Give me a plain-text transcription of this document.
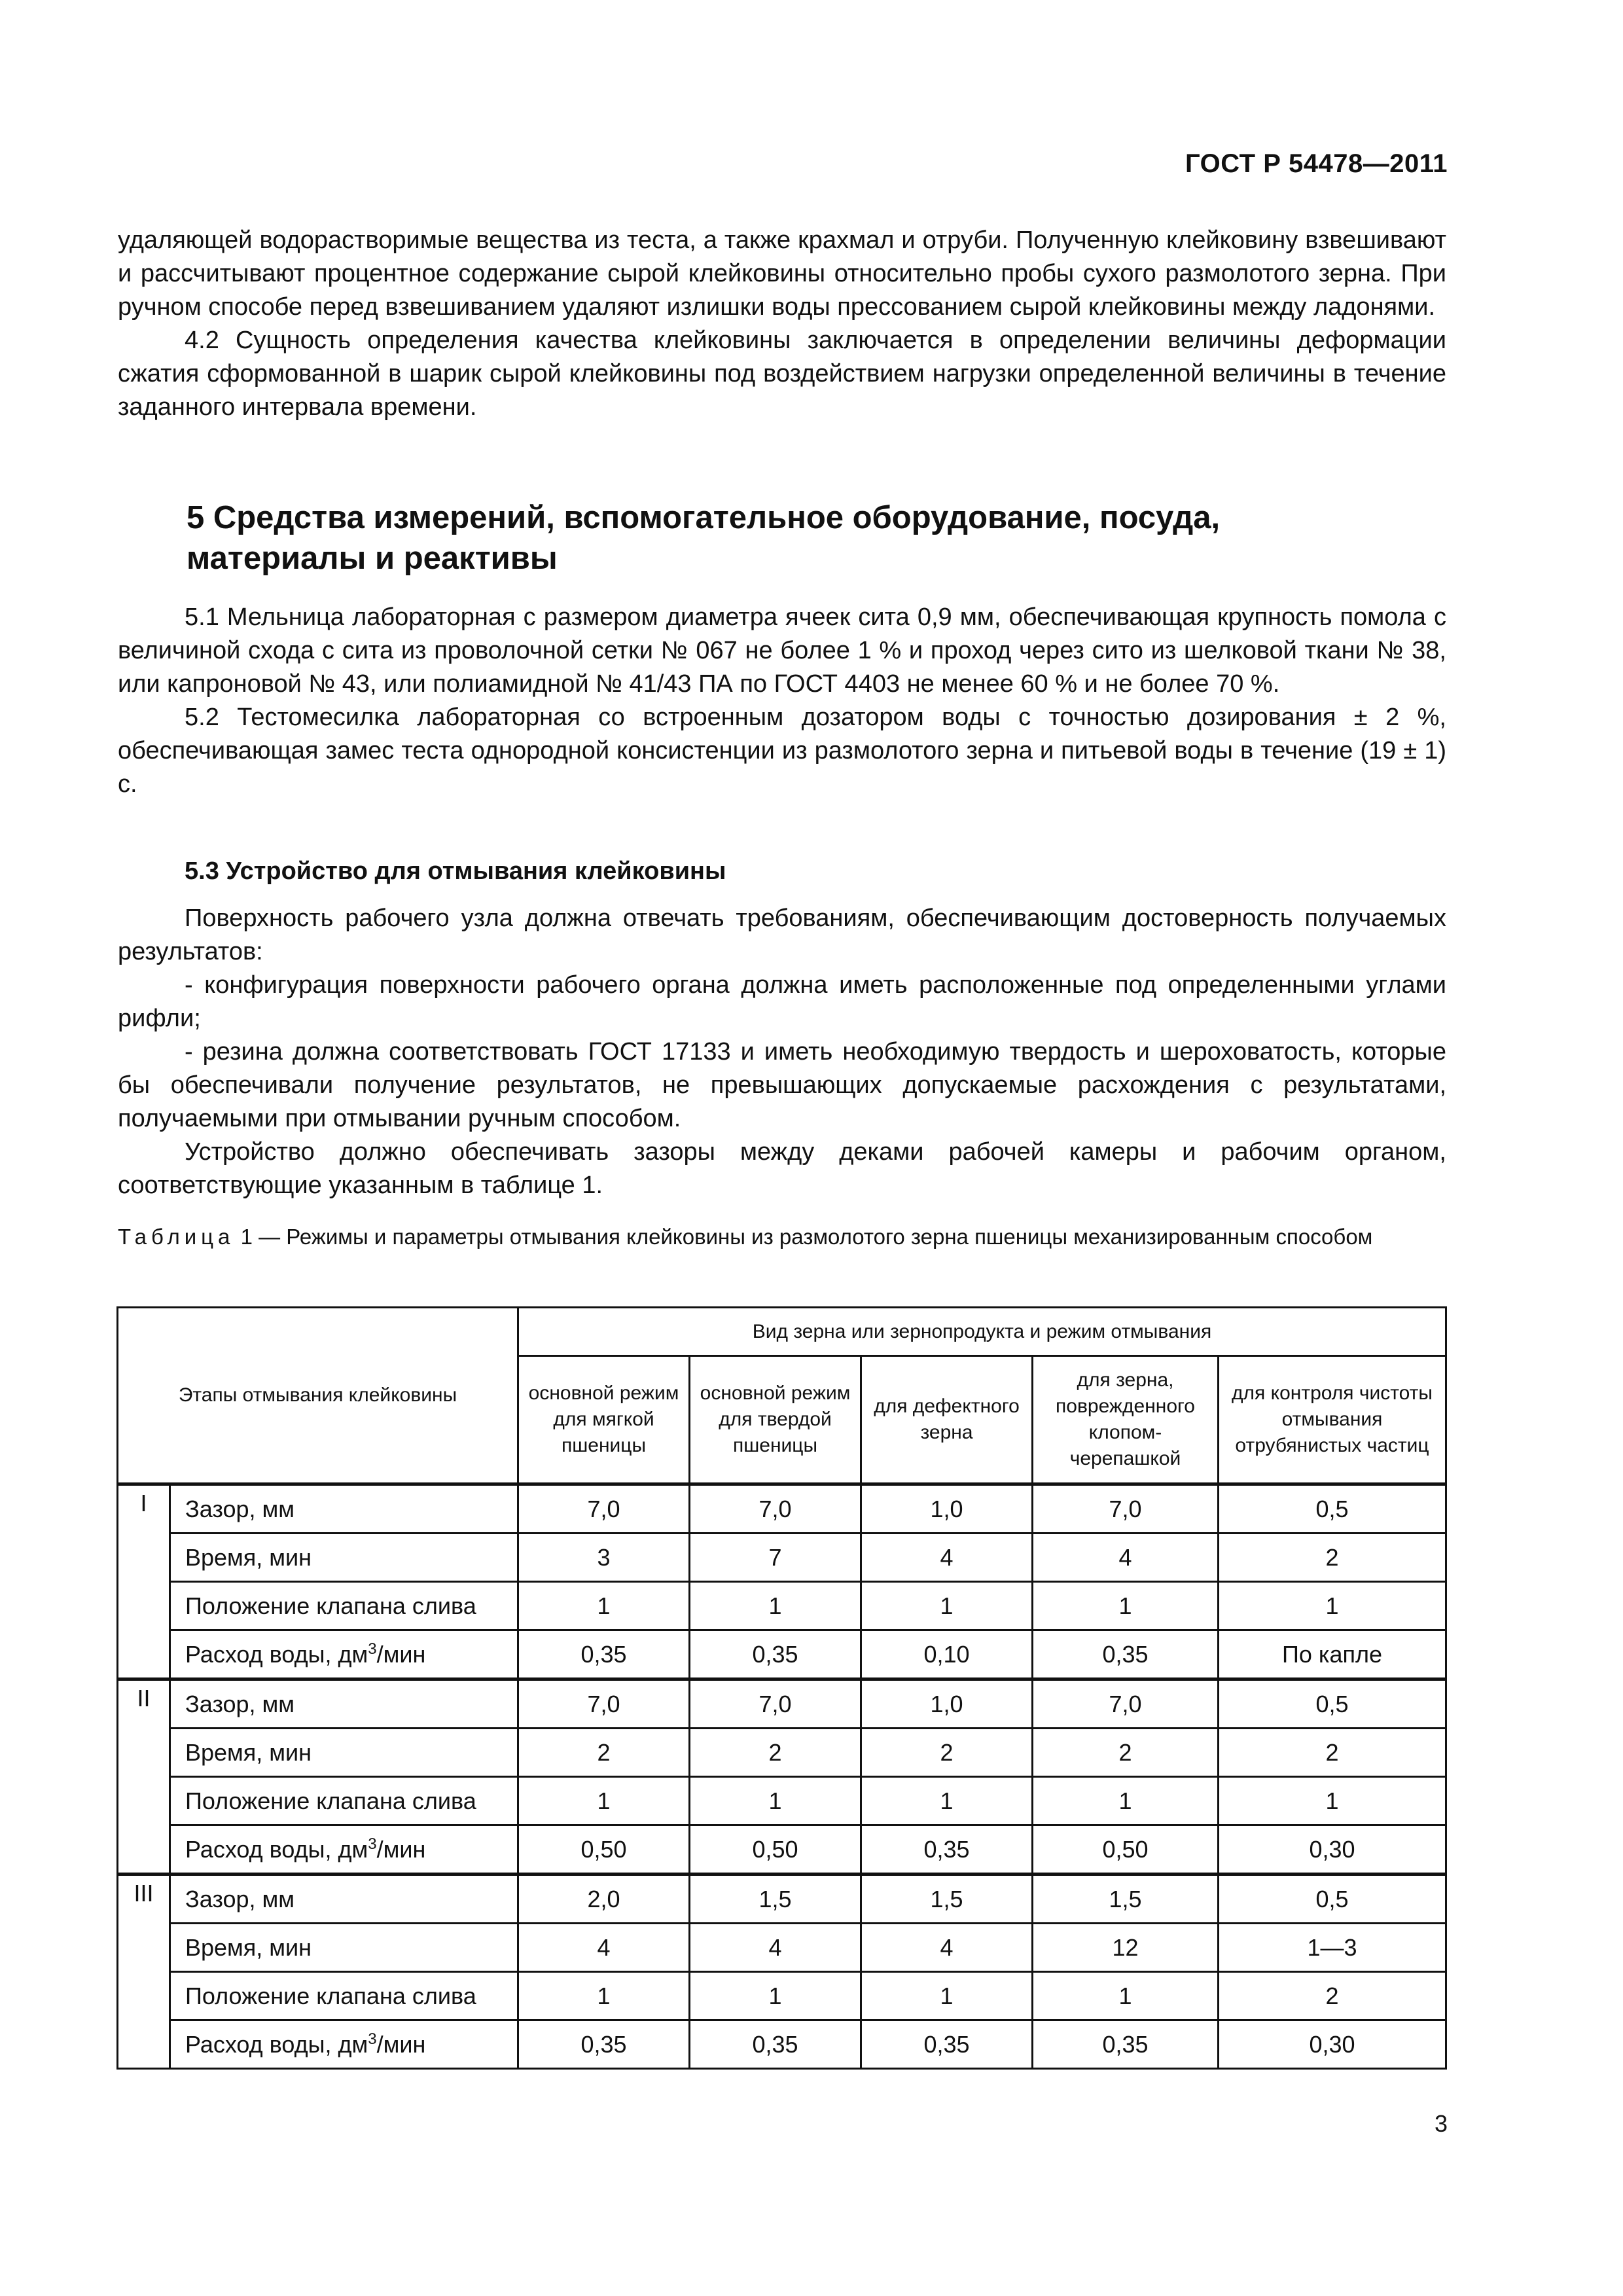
ГОСТ Р 54478—2011

удаляющей водорастворимые вещества из теста, а также крахмал и отруби. Полученную клейковину взвешивают и рассчитывают процентное содержание сырой клейковины относительно пробы сухого размолотого зерна. При ручном способе перед взвешиванием удаляют излишки воды прессованием сырой клейковины между ладонями.

4.2 Сущность определения качества клейковины заключается в определении величины деформации сжатия сформованной в шарик сырой клейковины под воздействием нагрузки определенной величины в течение заданного интервала времени.

5 Средства измерений, вспомогательное оборудование, посуда,
материалы и реактивы

5.1 Мельница лабораторная с размером диаметра ячеек сита 0,9 мм, обеспечивающая крупность помола с величиной схода с сита из проволочной сетки № 067 не более 1 % и проход через сито из шелковой ткани № 38, или капроновой № 43, или полиамидной № 41/43 ПА по ГОСТ 4403 не менее 60 % и не более 70 %.

5.2 Тестомесилка лабораторная со встроенным дозатором воды с точностью дозирования ± 2 %, обеспечивающая замес теста однородной консистенции из размолотого зерна и питьевой воды в течение (19 ± 1) с.

5.3 Устройство для отмывания клейковины

Поверхность рабочего узла должна отвечать требованиям, обеспечивающим достоверность получаемых результатов:

- конфигурация поверхности рабочего органа должна иметь расположенные под определенными углами рифли;

- резина должна соответствовать ГОСТ 17133 и иметь необходимую твердость и шероховатость, которые бы обеспечивали получение результатов, не превышающих допускаемые расхождения с результатами, получаемыми при отмывании ручным способом.

Устройство должно обеспечивать зазоры между деками рабочей камеры и рабочим органом, соответствующие указанным в таблице 1.

Таблица 1 — Режимы и параметры отмывания клейковины из размолотого зерна пшеницы механизированным способом
Этапы отмывания клейковины		Вид зерна или зернопродукта и режим отмывания				
		основной режим для мягкой пшеницы	основной режим для твердой пшеницы	для дефектного зерна	для зерна, поврежденного клопом-черепашкой	для контроля чистоты отмывания отрубянистых частиц
I	Зазор, мм	7,0	7,0	1,0	7,0	0,5
	Время, мин	3	7	4	4	2
	Положение клапана слива	1	1	1	1	1
	Расход воды, $дм^3$/мин	0,35	0,35	0,10	0,35	По капле
II	Зазор, мм	7,0	7,0	1,0	7,0	0,5
	Время, мин	2	2	2	2	2
	Положение клапана слива	1	1	1	1	1
	Расход воды, $дм^3$/мин	0,50	0,50	0,35	0,50	0,30
III	Зазор, мм	2,0	1,5	1,5	1,5	0,5
	Время, мин	4	4	4	12	1—3
	Положение клапана слива	1	1	1	1	2
	Расход воды, $дм^3$/мин	0,35	0,35	0,35	0,35	0,30
3
